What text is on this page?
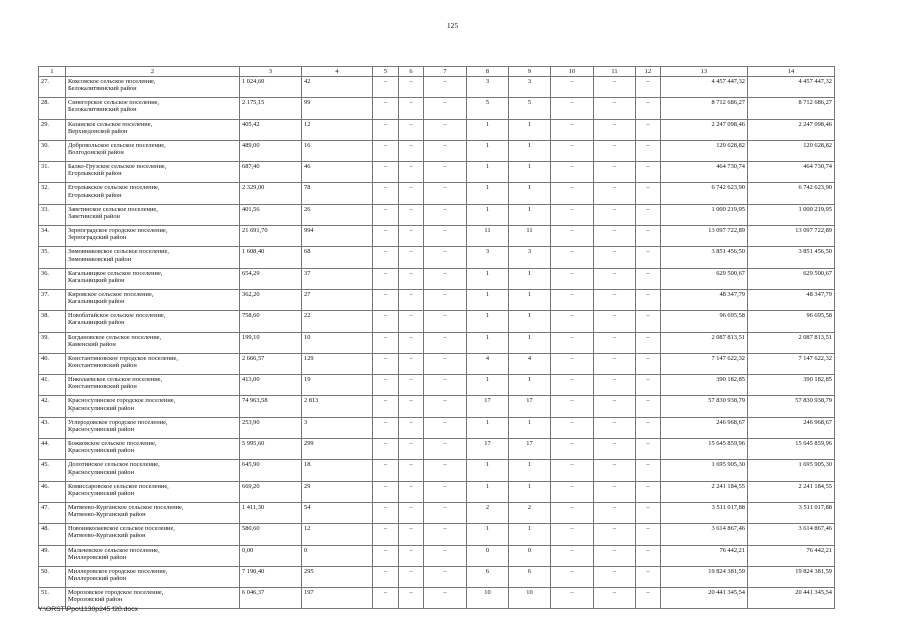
125
1	2	3	4	5	6	7	8	9	10	11	12	13	14
27.	Коксовское сельское поселение,
Белокалитвинский район	1 024,60	42	–	–	–	3	3	–	–	–	4 457 447,32	4 457 447,32
28.	Синегорское сельское поселение,
Белокалитвинский район	2 175,15	99	–	–	–	5	5	–	–	–	8 712 686,27	8 712 686,27
29.	Казанское сельское поселение,
Верхнедонской район	405,42	12	–	–	–	1	1	–	–	–	2 247 098,46	2 247 098,46
30.	Добровольское сельское поселение,
Волгодонской район	489,00	16	–	–	–	1	1	–	–	–	120 628,82	120 628,82
31.	Балко-Грузское сельское поселение,
Егорлыкский район	687,40	46	–	–	–	1	1	–	–	–	464 730,74	464 730,74
32.	Егорлыкское сельское поселение,
Егорлыкский район	2 329,00	78	–	–	–	1	1	–	–	–	6 742 623,90	6 742 623,90
33.	Заветинское сельское поселение,
Заветинский район	401,56	26	–	–	–	1	1	–	–	–	1 000 219,95	1 000 219,95
34.	Зерноградское городское поселение,
Зерноградский район	21 691,70	994	–	–	–	11	11	–	–	–	13 097 722,89	13 097 722,89
35.	Зимовниковское сельское поселение,
Зимовниковский район	1 608,40	68	–	–	–	3	3	–	–	–	3 851 456,50	3 851 456,50
36.	Кагальницкое сельское поселение,
Кагальницкий район	654,29	37	–	–	–	1	1	–	–	–	629 500,67	629 500,67
37.	Кировское сельское поселение,
Кагальницкий район	362,20	27	–	–	–	1	1	–	–	–	48 347,79	48 347,79
38.	Новобатайское сельское поселение,
Кагальницкий район	758,60	22	–	–	–	1	1	–	–	–	96 695,58	96 695,58
39.	Богдановское сельское поселение,
Каменский район	199,10	10	–	–	–	1	1	–	–	–	2 087 813,51	2 087 813,51
40.	Константиновское городское поселение,
Константиновский район	2 666,57	129	–	–	–	4	4	–	–	–	7 147 622,32	7 147 622,32
41.	Николаевское сельское поселение,
Константиновский район	413,00	19	–	–	–	1	1	–	–	–	390 182,85	390 182,85
42.	Красносулинское городское поселение,
Красносулинский район	74 963,58	2 813	–	–	–	17	17	–	–	–	57 830 938,79	57 830 938,79
43.	Углеродовское городское поселение,
Красносулинский район	253,90	3	–	–	–	1	1	–	–	–	246 968,67	246 968,67
44.	Божковское сельское поселение,
Красносулинский район	5 995,60	299	–	–	–	17	17	–	–	–	15 645 859,96	15 645 859,96
45.	Долотинское сельское поселение,
Красносулинский район	645,90	18	–	–	–	1	1	–	–	–	1 695 905,30	1 695 905,30
46.	Комиссаровское сельское поселение,
Красносулинский район	669,20	29	–	–	–	1	1	–	–	–	2 241 184,55	2 241 184,55
47.	Матвеево-Курганское сельское поселение,
Матвеево-Курганский район	1 411,30	54	–	–	–	2	2	–	–	–	3 511 017,88	3 511 017,88
48.	Новониколаевское сельское поселение,
Матвеево-Курганский район	580,60	12	–	–	–	1	1	–	–	–	3 614 867,46	3 614 867,46
49.	Мальчевское сельское поселение,
Миллеровский район	0,00	0	–	–	–	0	0	–	–	–	76 442,21	76 442,21
50.	Миллеровское городское поселение,
Миллеровский район	7 190,40	295	–	–	–	6	6	–	–	–	19 824 381,59	19 824 381,59
51.	Морозовское городское поселение,
Морозовский район	6 046,37	197	–	–	–	10	10	–	–	–	20 441 345,54	20 441 345,54
Y:\ORST\Ppo\1130p245 f20.docx
